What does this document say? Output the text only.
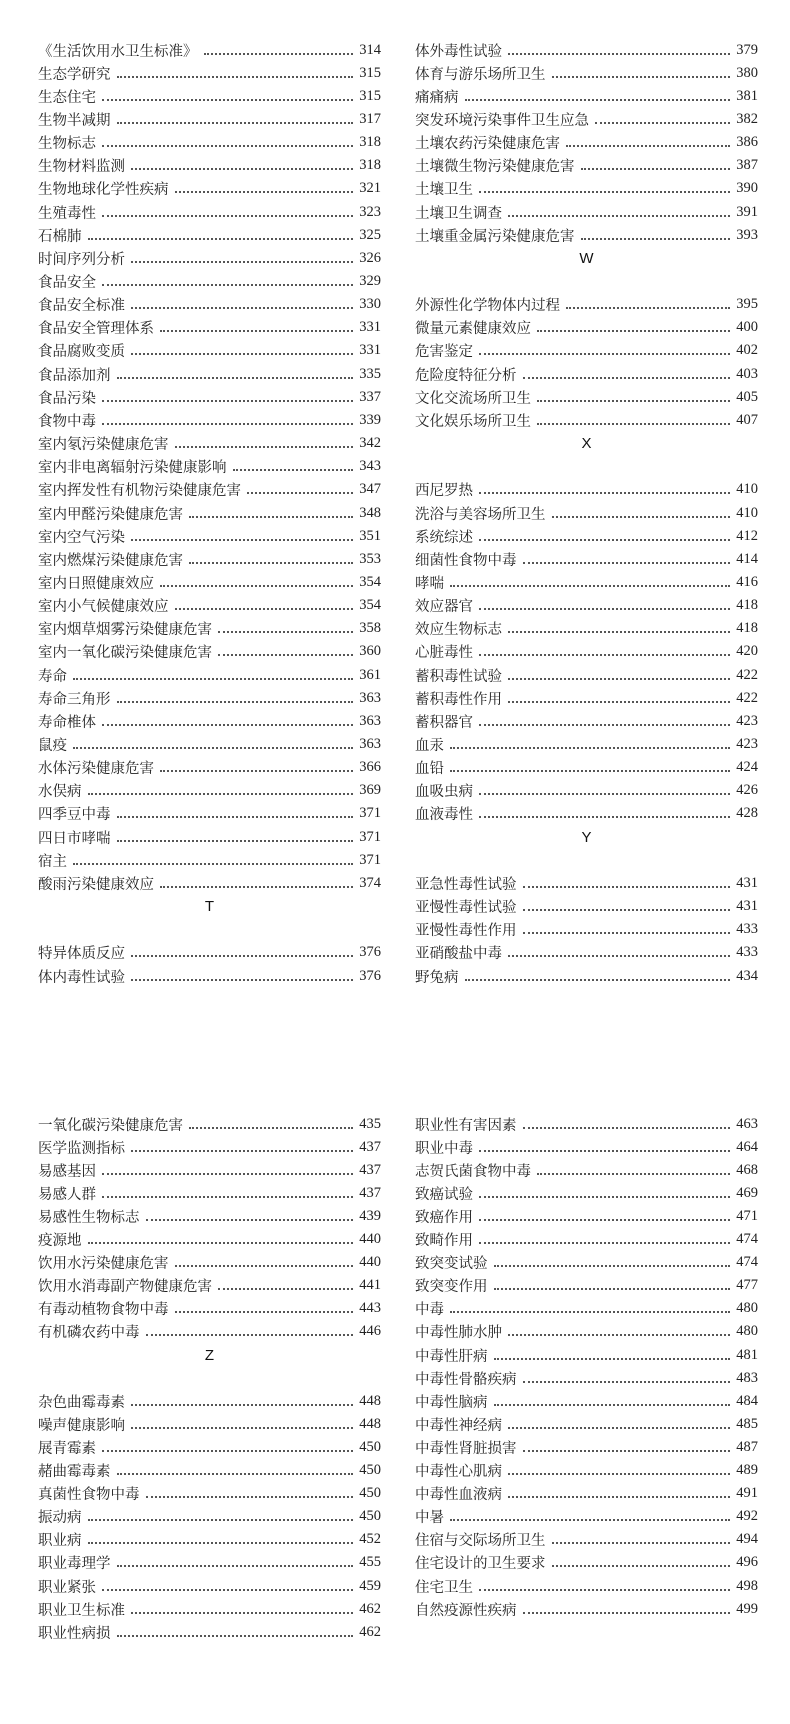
《生活饮用水卫生标准》	314
生态学研究	315
生态住宅	315
生物半减期	317
生物标志	318
生物材料监测	318
生物地球化学性疾病	321
生殖毒性	323
石棉肺	325
时间序列分析	326
食品安全	329
食品安全标准	330
食品安全管理体系	331
食品腐败变质	331
食品添加剂	335
食品污染	337
食物中毒	339
室内氡污染健康危害	342
室内非电离辐射污染健康影响	343
室内挥发性有机物污染健康危害	347
室内甲醛污染健康危害	348
室内空气污染	351
室内燃煤污染健康危害	353
室内日照健康效应	354
室内小气候健康效应	354
室内烟草烟雾污染健康危害	358
室内一氧化碳污染健康危害	360
寿命	361
寿命三角形	363
寿命椎体	363
鼠疫	363
水体污染健康危害	366
水俣病	369
四季豆中毒	371
四日市哮喘	371
宿主	371
酸雨污染健康效应	374
T
特异体质反应	376
体内毒性试验	376
体外毒性试验	379
体育与游乐场所卫生	380
痛痛病	381
突发环境污染事件卫生应急	382
土壤农药污染健康危害	386
土壤微生物污染健康危害	387
土壤卫生	390
土壤卫生调查	391
土壤重金属污染健康危害	393
W
外源性化学物体内过程	395
微量元素健康效应	400
危害鉴定	402
危险度特征分析	403
文化交流场所卫生	405
文化娱乐场所卫生	407
X
西尼罗热	410
洗浴与美容场所卫生	410
系统综述	412
细菌性食物中毒	414
哮喘	416
效应器官	418
效应生物标志	418
心脏毒性	420
蓄积毒性试验	422
蓄积毒性作用	422
蓄积器官	423
血汞	423
血铅	424
血吸虫病	426
血液毒性	428
Y
亚急性毒性试验	431
亚慢性毒性试验	431
亚慢性毒性作用	433
亚硝酸盐中毒	433
野兔病	434
一氧化碳污染健康危害	435
医学监测指标	437
易感基因	437
易感人群	437
易感性生物标志	439
疫源地	440
饮用水污染健康危害	440
饮用水消毒副产物健康危害	441
有毒动植物食物中毒	443
有机磷农药中毒	446
Z
杂色曲霉毒素	448
噪声健康影响	448
展青霉素	450
赭曲霉毒素	450
真菌性食物中毒	450
振动病	450
职业病	452
职业毒理学	455
职业紧张	459
职业卫生标准	462
职业性病损	462
职业性有害因素	463
职业中毒	464
志贺氏菌食物中毒	468
致癌试验	469
致癌作用	471
致畸作用	474
致突变试验	474
致突变作用	477
中毒	480
中毒性肺水肿	480
中毒性肝病	481
中毒性骨骼疾病	483
中毒性脑病	484
中毒性神经病	485
中毒性肾脏损害	487
中毒性心肌病	489
中毒性血液病	491
中暑	492
住宿与交际场所卫生	494
住宅设计的卫生要求	496
住宅卫生	498
自然疫源性疾病	499
